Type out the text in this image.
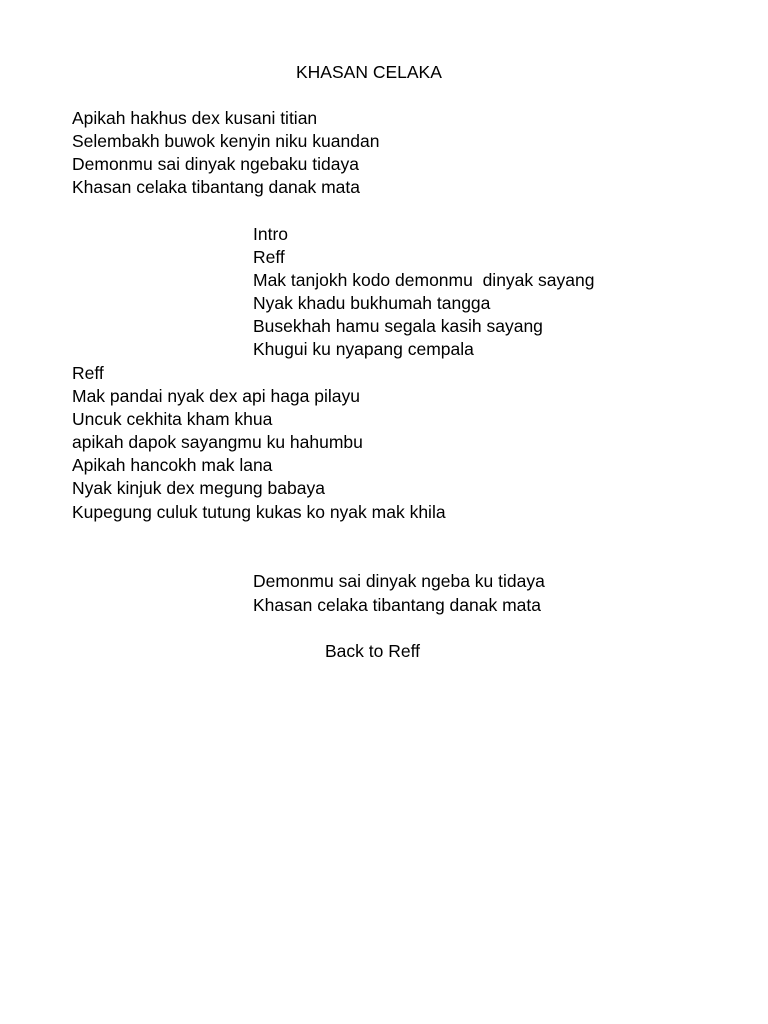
KHASAN CELAKA
Apikah hakhus dex kusani titian
Selembakh buwok kenyin niku kuandan
Demonmu sai dinyak ngebaku tidaya
Khasan celaka tibantang danak mata
Intro
Reff
Mak tanjokh kodo demonmu  dinyak sayang
Nyak khadu bukhumah tangga
Busekhah hamu segala kasih sayang
Khugui ku nyapang cempala
Reff
Mak pandai nyak dex api haga pilayu
Uncuk cekhita kham khua
apikah dapok sayangmu ku hahumbu
Apikah hancokh mak lana
Nyak kinjuk dex megung babaya
Kupegung culuk tutung kukas ko nyak mak khila
Demonmu sai dinyak ngeba ku tidaya
Khasan celaka tibantang danak mata
Back to Reff
